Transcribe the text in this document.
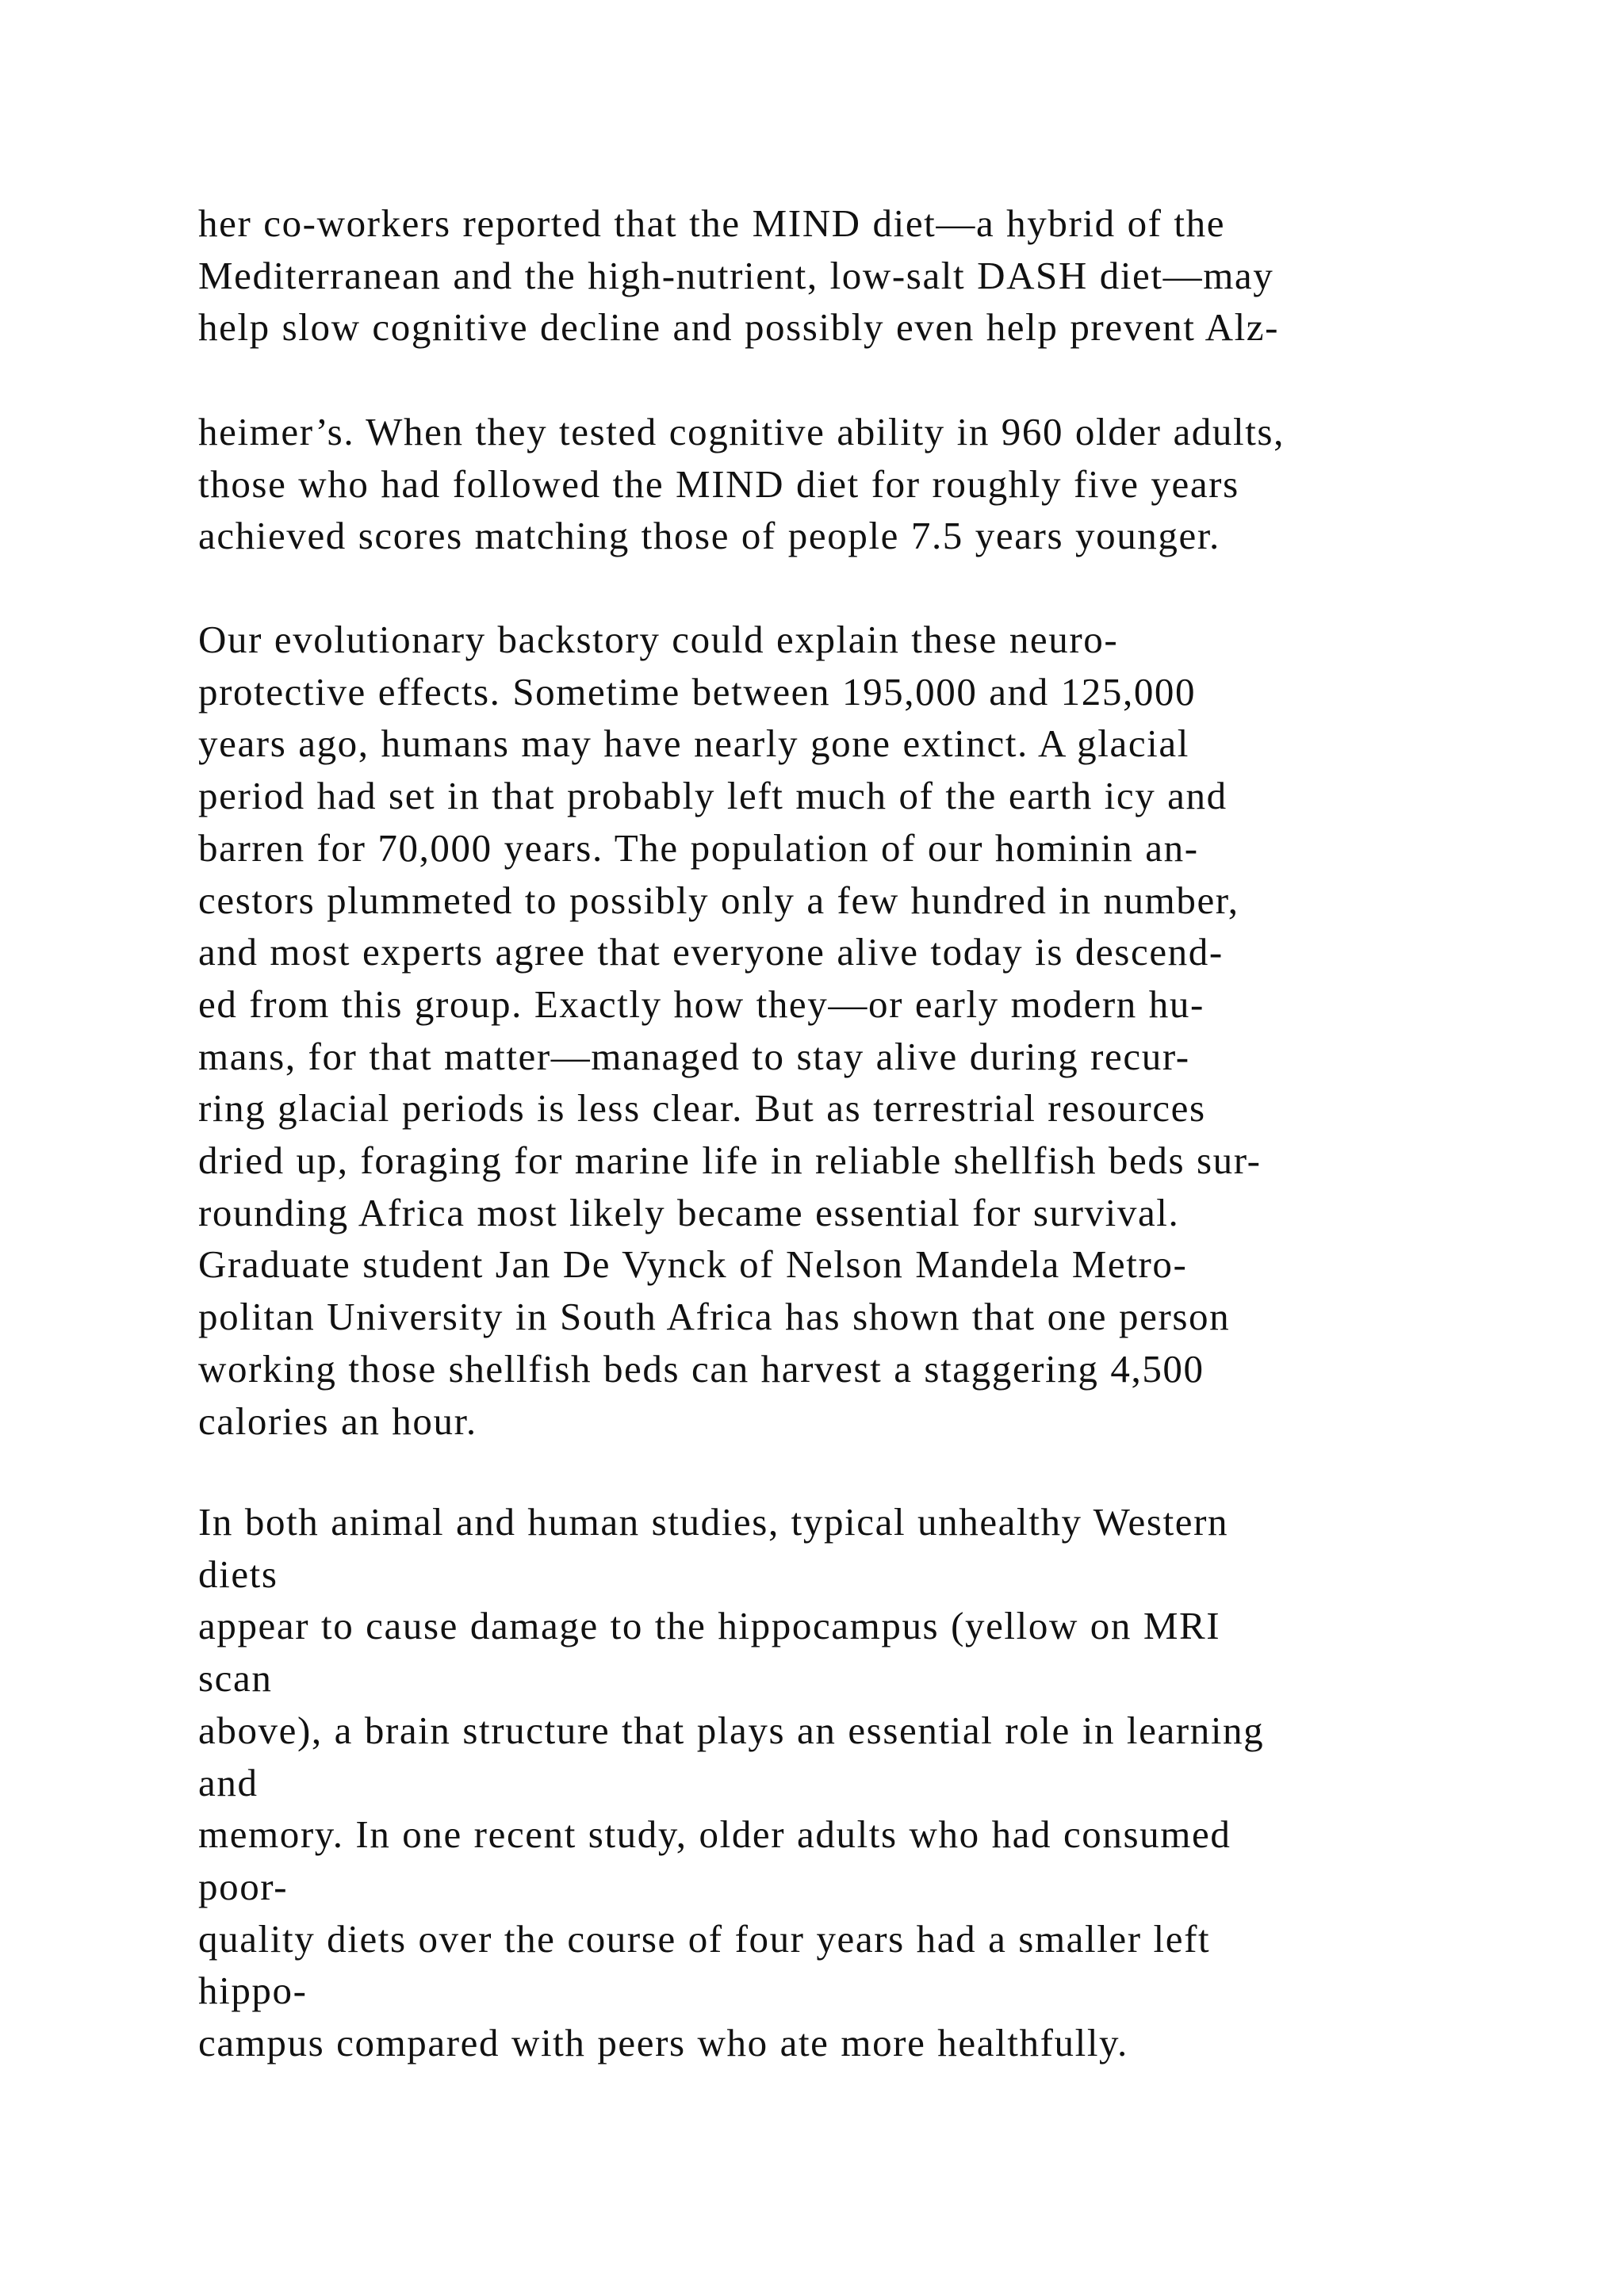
her co-workers reported that the MIND diet—a hybrid of the
Mediterranean and the high-nutrient, low-salt DASH diet—may
help slow cognitive decline and possibly even help prevent Alz-

heimer’s. When they tested cognitive ability in 960 older adults,
those who had followed the MIND diet for roughly five years
achieved scores matching those of people 7.5 years younger.

Our evolutionary backstory could explain these neuro-
protective effects. Sometime between 195,000 and 125,000
years ago, humans may have nearly gone extinct. A glacial
period had set in that probably left much of the earth icy and
barren for 70,000 years. The population of our hominin an-
cestors plummeted to possibly only a few hundred in number,
and most experts agree that everyone alive today is descend-
ed from this group. Exactly how they—or early modern hu-
mans, for that matter—managed to stay alive during recur-
ring glacial periods is less clear. But as terrestrial resources
dried up, foraging for marine life in reliable shellfish beds sur-
rounding Africa most likely became essential for survival.
Graduate student Jan De Vynck of Nelson Mandela Metro-
politan University in South Africa has shown that one person
working those shellfish beds can harvest a staggering 4,500
calories an hour.

In both animal and human studies, typical unhealthy Western
diets
appear to cause damage to the hippocampus (yellow on MRI
scan
above), a brain structure that plays an essential role in learning
and
memory. In one recent study, older adults who had consumed
poor-
quality diets over the course of four years had a smaller left
hippo-
campus compared with peers who ate more healthfully.
